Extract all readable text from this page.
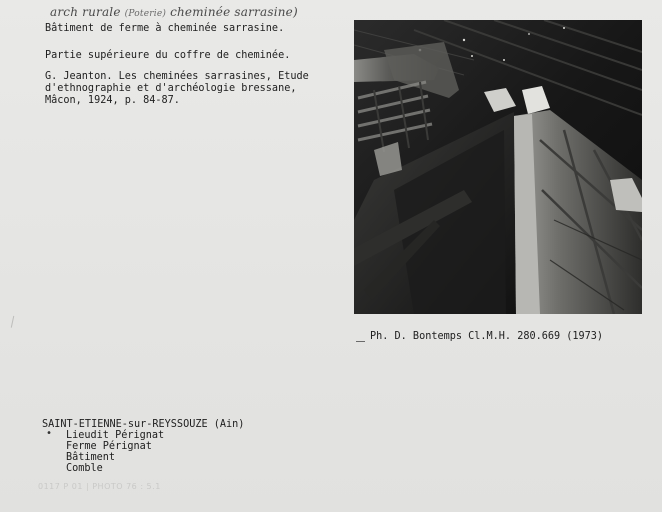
arch rurale (Poterie) cheminée sarrasine)
Bâtiment de ferme à cheminée sarrasine.
Partie supérieure du coffre de cheminée.
G. Jeanton. Les cheminées sarrasines, Etude
d'ethnographie et d'archéologie bressane,
Mâcon, 1924, p. 84-87.
Ph. D. Bontemps Cl.M.H. 280.669 (1973)
SAINT-ETIENNE-sur-REYSSOUZE (Ain)
Lieudit Pérignat
Ferme Pérignat
Bâtiment
Comble
•
0117 P 01 | PHOTO 76 : 5.1
